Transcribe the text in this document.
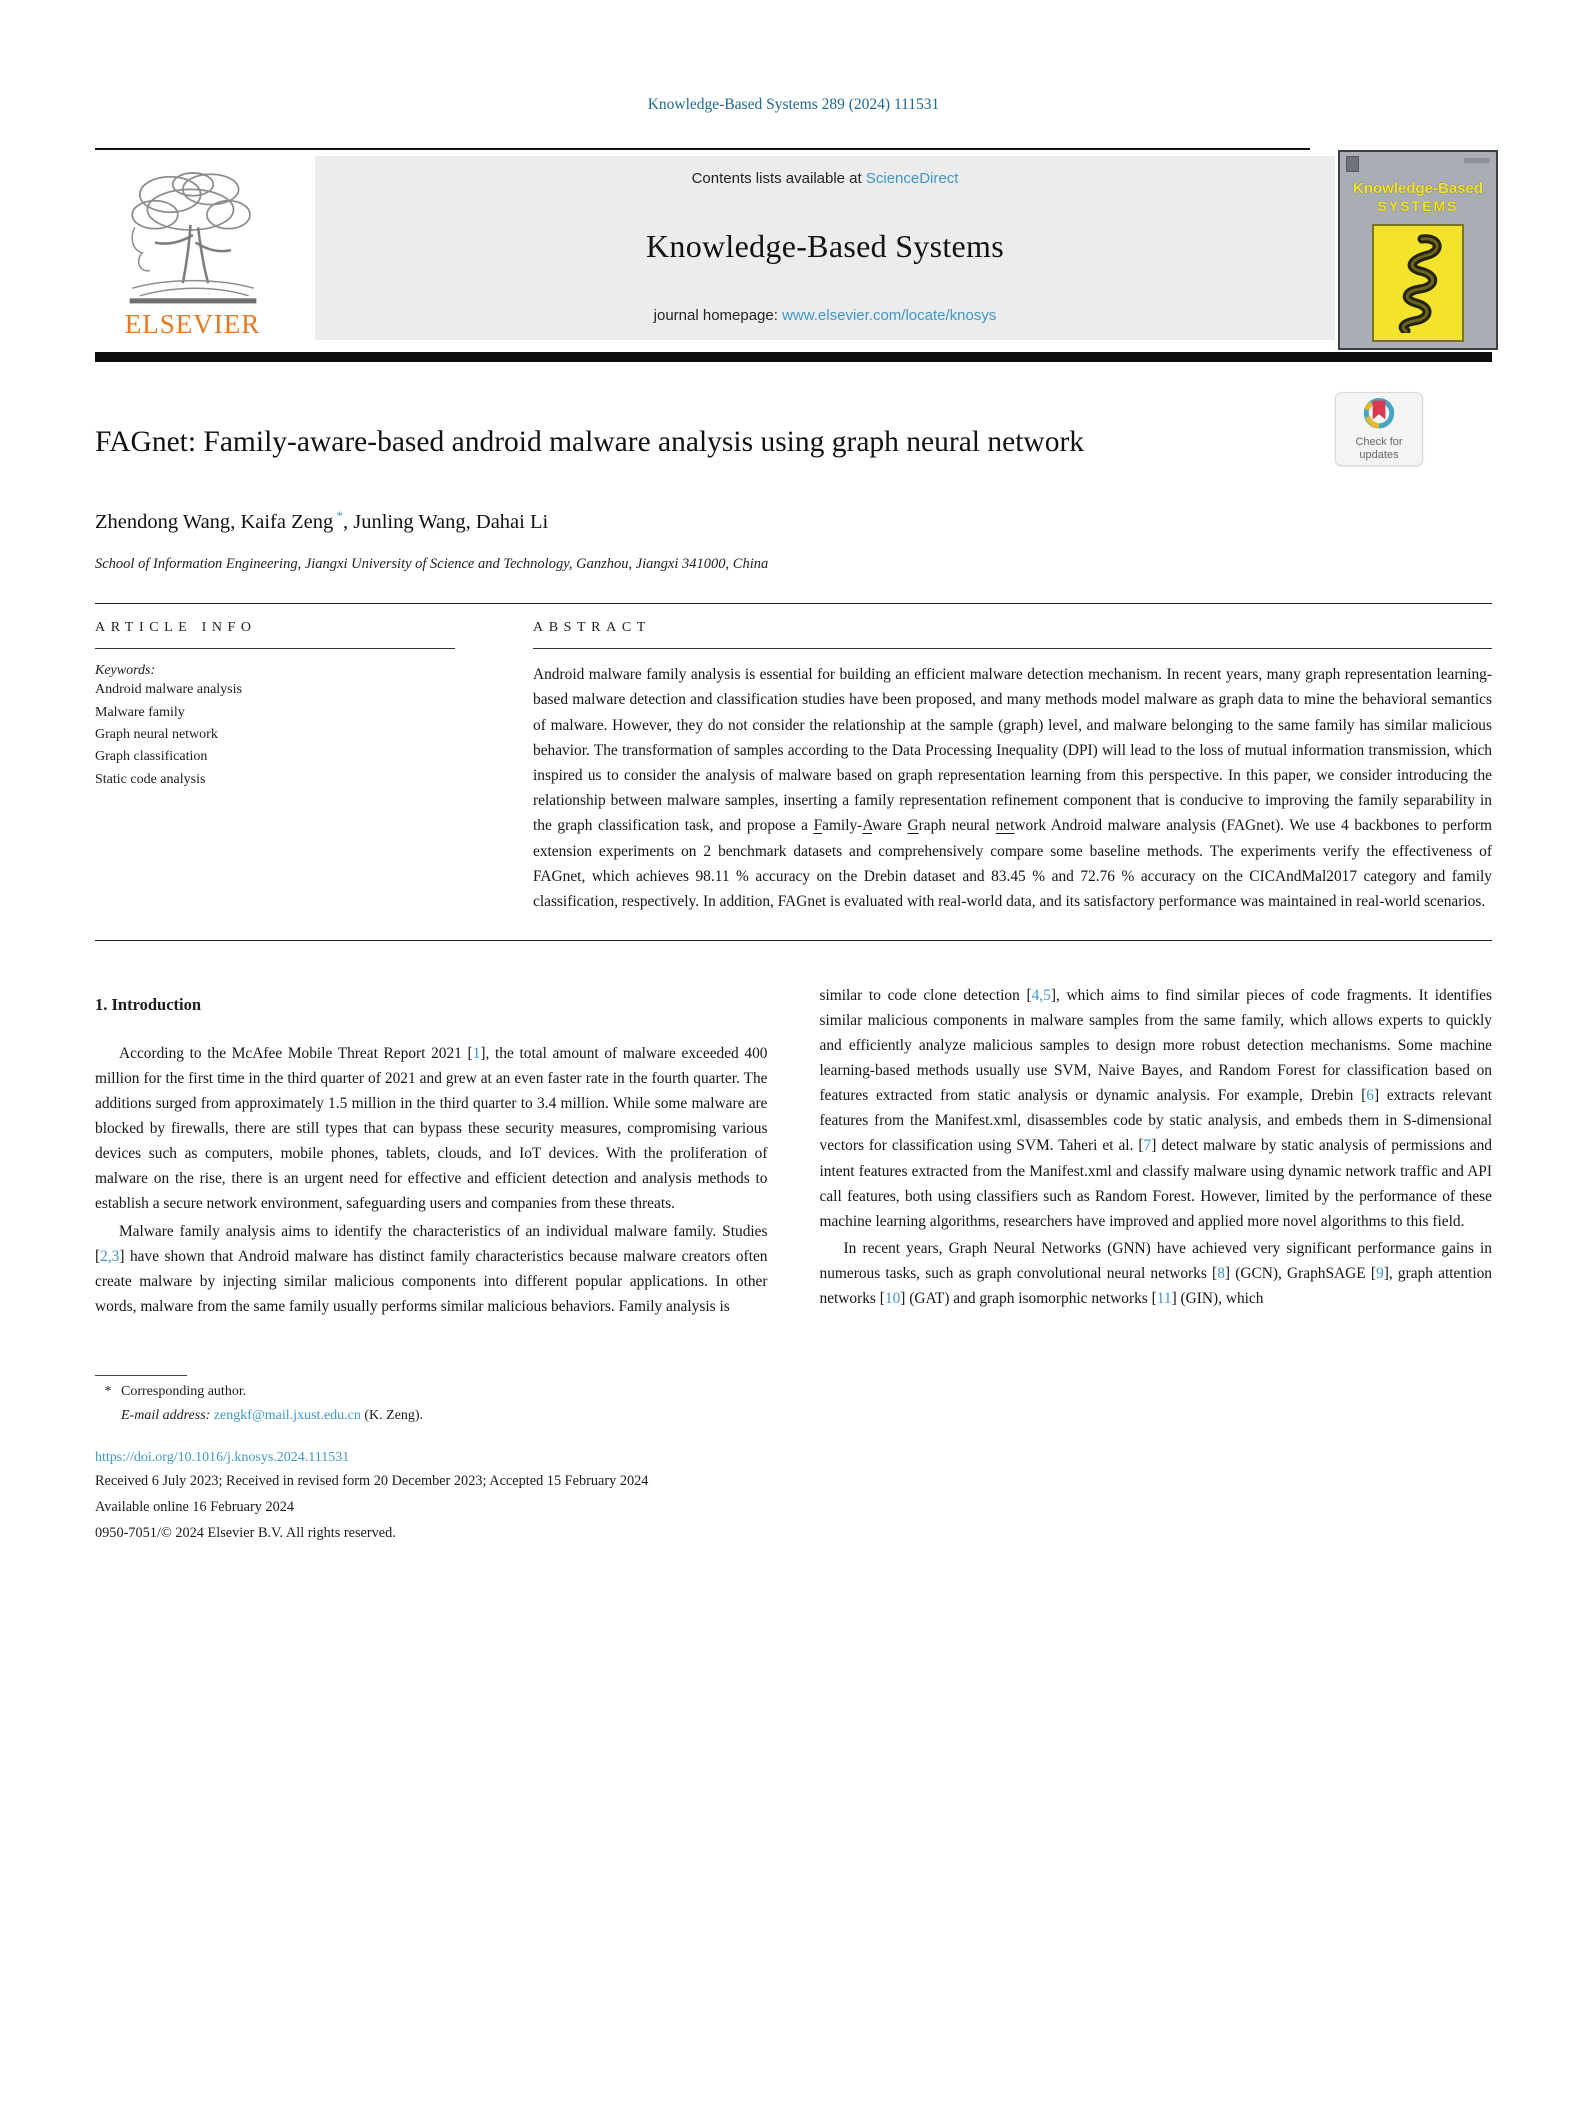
Knowledge-Based Systems 289 (2024) 111531
ELSEVIER
Contents lists available at ScienceDirect
Knowledge-Based Systems
journal homepage: www.elsevier.com/locate/knosys
Knowledge-Based
SYSTEMS
FAGnet: Family-aware-based android malware analysis using graph neural network	Check for
updates
Zhendong Wang, Kaifa Zeng *, Junling Wang, Dahai Li
School of Information Engineering, Jiangxi University of Science and Technology, Ganzhou, Jiangxi 341000, China
ARTICLE INFO
Keywords:
Android malware analysis
Malware family
Graph neural network
Graph classification
Static code analysis
ABSTRACT
Android malware family analysis is essential for building an efficient malware detection mechanism. In recent years, many graph representation learning-based malware detection and classification studies have been proposed, and many methods model malware as graph data to mine the behavioral semantics of malware. However, they do not consider the relationship at the sample (graph) level, and malware belonging to the same family has similar malicious behavior. The transformation of samples according to the Data Processing Inequality (DPI) will lead to the loss of mutual information transmission, which inspired us to consider the analysis of malware based on graph representation learning from this perspective. In this paper, we consider introducing the relationship between malware samples, inserting a family representation refinement component that is conducive to improving the family separability in the graph classification task, and propose a Family-Aware Graph neural network Android malware analysis (FAGnet). We use 4 backbones to perform extension experiments on 2 benchmark datasets and comprehensively compare some baseline methods. The experiments verify the effectiveness of FAGnet, which achieves 98.11 % accuracy on the Drebin dataset and 83.45 % and 72.76 % accuracy on the CICAndMal2017 category and family classification, respectively. In addition, FAGnet is evaluated with real-world data, and its satisfactory performance was maintained in real-world scenarios.
1. Introduction

According to the McAfee Mobile Threat Report 2021 [1], the total amount of malware exceeded 400 million for the first time in the third quarter of 2021 and grew at an even faster rate in the fourth quarter. The additions surged from approximately 1.5 million in the third quarter to 3.4 million. While some malware are blocked by firewalls, there are still types that can bypass these security measures, compromising various devices such as computers, mobile phones, tablets, clouds, and IoT devices. With the proliferation of malware on the rise, there is an urgent need for effective and efficient detection and analysis methods to establish a secure network environment, safeguarding users and companies from these threats.

Malware family analysis aims to identify the characteristics of an individual malware family. Studies [2,3] have shown that Android malware has distinct family characteristics because malware creators often create malware by injecting similar malicious components into different popular applications. In other words, malware from the same family usually performs similar malicious behaviors. Family analysis is

similar to code clone detection [4,5], which aims to find similar pieces of code fragments. It identifies similar malicious components in malware samples from the same family, which allows experts to quickly and efficiently analyze malicious samples to design more robust detection mechanisms. Some machine learning-based methods usually use SVM, Naive Bayes, and Random Forest for classification based on features extracted from static analysis or dynamic analysis. For example, Drebin [6] extracts relevant features from the Manifest.xml, disassembles code by static analysis, and embeds them in S-dimensional vectors for classification using SVM. Taheri et al. [7] detect malware by static analysis of permissions and intent features extracted from the Manifest.xml and classify malware using dynamic network traffic and API call features, both using classifiers such as Random Forest. However, limited by the performance of these machine learning algorithms, researchers have improved and applied more novel algorithms to this field.

In recent years, Graph Neural Networks (GNN) have achieved very significant performance gains in numerous tasks, such as graph convolutional neural networks [8] (GCN), GraphSAGE [9], graph attention networks [10] (GAT) and graph isomorphic networks [11] (GIN), which

* Corresponding author.
E-mail address: zengkf@mail.jxust.edu.cn (K. Zeng).
https://doi.org/10.1016/j.knosys.2024.111531
Received 6 July 2023; Received in revised form 20 December 2023; Accepted 15 February 2024
Available online 16 February 2024
0950-7051/© 2024 Elsevier B.V. All rights reserved.
